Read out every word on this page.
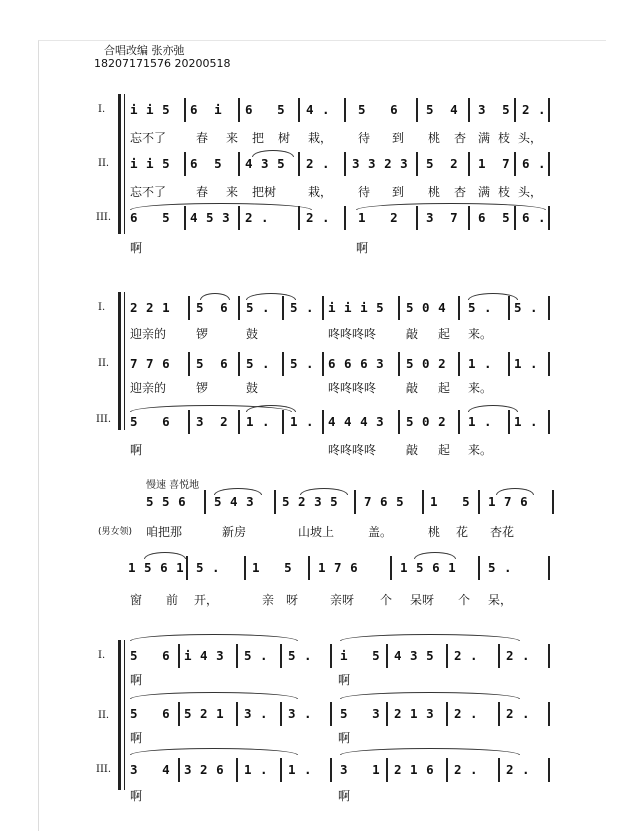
合唱改编 张亦弛
18207171576 20200518
I.
II.
III.
i i 5 6  i 6   5 4 . 5   6 5  4 3  5 2 .
忘不了 春 来 把 树 栽， 待 到 桃 杏 满 枝 头，
i i 5 6  5 4 3 5 2 . 3 3 2 3 5  2 1  7 6 .
忘不了 春 来 把树	栽， 待 到 桃 杏 满 枝 头，
6   5 4 5 3 2 .	2 . 1   2 3  7 6  5 6 .
啊	啊
I.
II.
III.
2 2 1 5  6 5 . 5 . i i i 5 5 0 4 5 . 5 .
迎亲的 锣	鼓	咚咚咚咚 敲 起 来。
7 7 6 5  6 5 . 5 . 6 6 6 3 5 0 2 1 . 1 .
迎亲的 锣	鼓	咚咚咚咚 敲 起 来。
5   6 3  2 1 . 1 . 4 4 4 3 5 0 2 1 . 1 .
啊	咚咚咚咚 敲 起 来。
慢速 喜悦地
5 5 6 5 4 3 5 2 3 5 7 6 5 1   5 1 7 6
(男女领) 咱把那	新房	山坡上	盖。	桃 花 杏花
1 5 6 1 5 .	1   5 1 7 6	1 5 6 1	5 .
窗 前 开，	亲 呀	亲呀 个 呆呀 个 呆，
I.
II.
III.
5   6 i 4 3 5 . 5 . i   5 4 3 5 2 . 2 .
啊	啊
5   6 5 2 1 3 . 3 . 5   3 2 1 3 2 . 2 .
啊	啊
3   4 3 2 6 1 . 1 . 3   1 2 1 6 2 . 2 .
啊	啊
